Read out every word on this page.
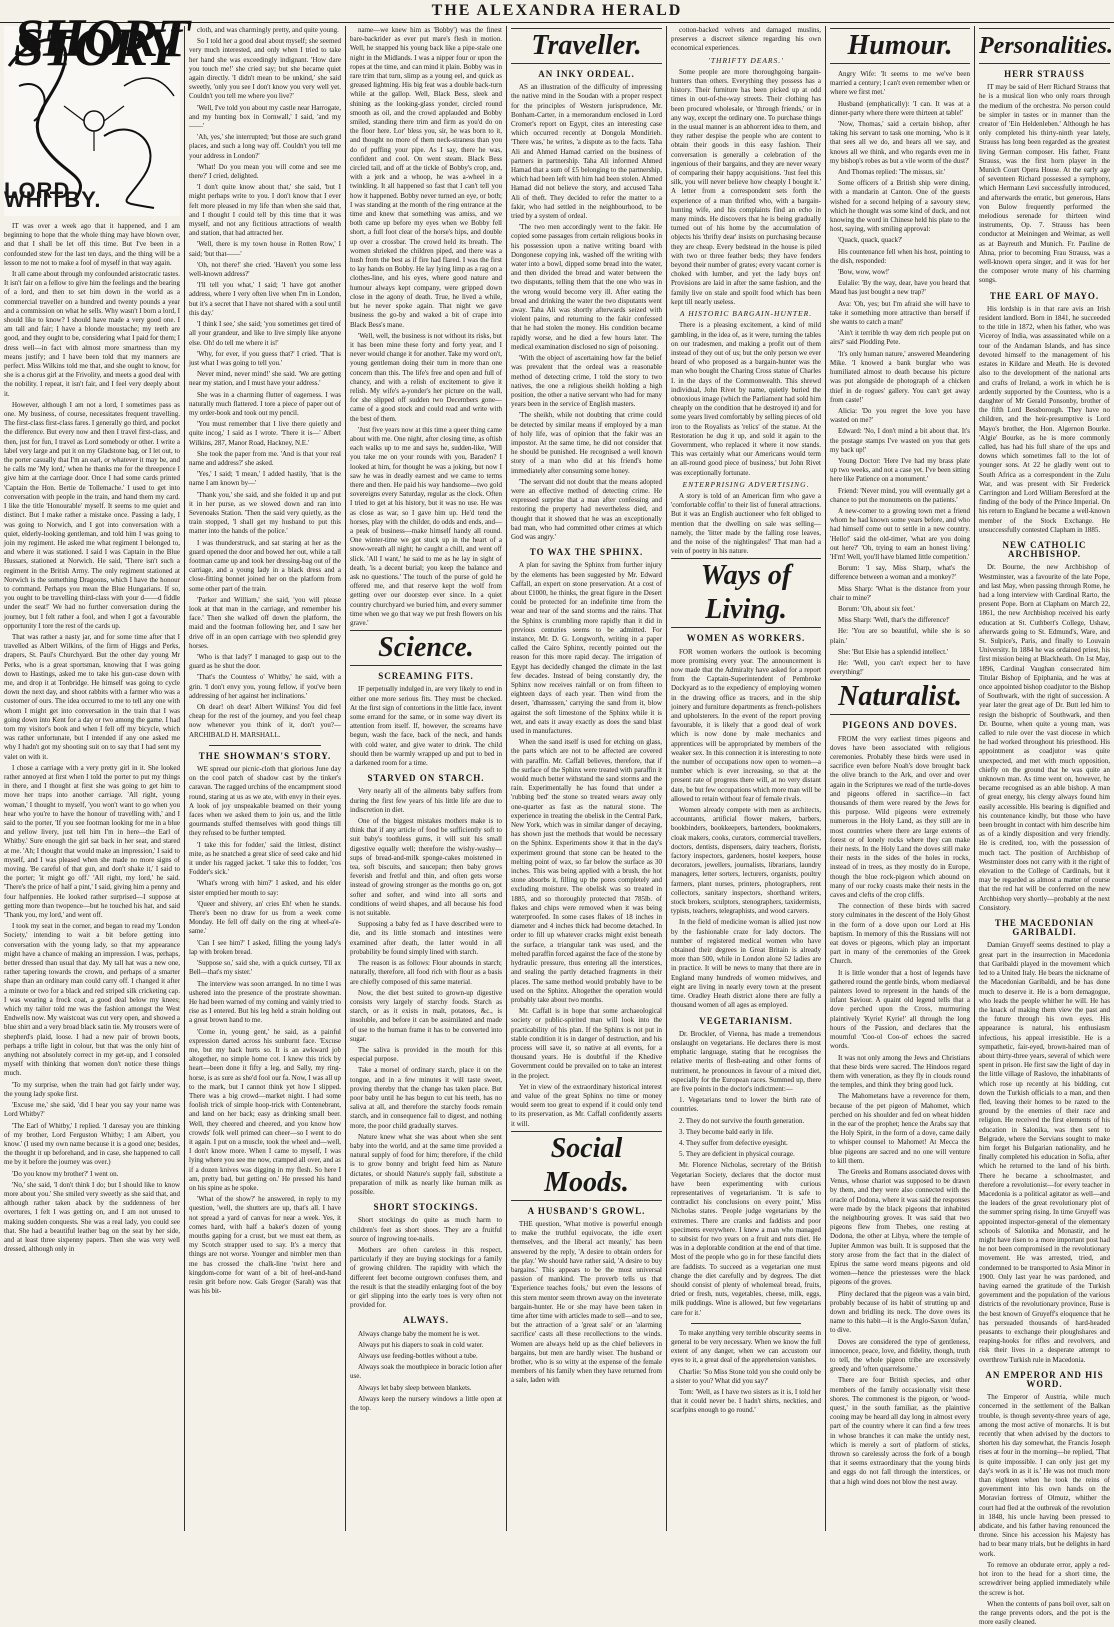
THE ALEXANDRA HERALD
SHORT STORY
LORD WHITBY.

IT was over a week ago that it happened, and I am beginning to hope that the whole thing may have blown over, and that I shall be let off this time. But I've been in a confounded stew for the last ten days, and the thing will be a lesson to me not to make a fool of myself in that way again.

It all came about through my confounded aristocratic tastes. It isn't fair on a fellow to give him the feelings and the bearing of a lord, and then to set him down in the world as a commercial traveller on a hundred and twenty pounds a year and a commission on what he sells. Why wasn't I born a lord, I should like to know? I should have made a very good one. I am tall and fair; I have a blonde moustache; my teeth are good, and they ought to be, considering what I paid for them; I dress well—in fact with almost more smartness than my means justify; and I have been told that my manners are perfect. Miss Wilkins told me that, and she ought to know, for she is a chorus girl at the Frivolity, and meets a good deal with the nobility. I repeat, it isn't fair, and I feel very deeply about it.

However, although I am not a lord, I sometimes pass as one. My business, of course, necessitates frequent travelling. The first-class first-class fares. I generally go third, and pocket the difference. But every now and then I travel first-class, and then, just for fun, I travel as Lord somebody or other. I write a label very large and put it on my Gladstone bag, or I let out, to the porter casually that I'm an earl, or whatever it may be, and he calls me 'My lord,' when he thanks me for the threepence I give him at the carriage door. Once I had some cards printed 'Captain the Hon. Bertie de Tollemache.' I used to get into conversation with people in the train, and hand them my card. I like the title 'Honourable' myself. It seems to me quiet and distinct. But I make rather a mistake once. Passing a lady, I was going to Norwich, and I got into conversation with a quiet, elderly-looking gentleman, and told him I was going to join my regiment. He asked me what regiment I belonged to, and where it was stationed. I said I was Captain in the Blue Hussars, stationed at Norwich. He said, 'There isn't such a regiment in the British Army. The only regiment stationed at Norwich is the something Dragoons, which I have the honour to command. Perhaps you mean the Blue Hungarians. If so, you ought to be travelling third-class with your d——d fiddle under the seat!' We had no further conversation during the journey, but I felt rather a fool, and when I got a favourable opportunity I tore the rest of the cards up.

That was rather a nasty jar, and for some time after that I travelled as Albert Wilkins, of the firm of Higgs and Perks, drapers, St. Paul's Churchyard. But the other day young Mr Perks, who is a great sportsman, knowing that I was going down to Hastings, asked me to take his gun-case down with me, and drop it at Tonbridge. He himself was going to cycle down the next day, and shoot rabbits with a farmer who was a customer of ours. The idea occurred to me to tell any one with whom I might get into conversation in the train that I was going down into Kent for a day or two among the game. I had torn my visitor's book and when I fell off my bicycle, which was rather unfortunate, but I intended if any one asked me why I hadn't got my shooting suit on to say that I had sent my valet on with it.

I chose a carriage with a very pretty girl in it. She looked rather annoyed at first when I told the porter to put my things in there, and I thought at first she was going to get him to move her traps into another carriage. 'All right, young woman,' I thought to myself, 'you won't want to go when you hear who you're to have the honour of travelling with,' and I said to the porter, 'If you see footman looking for me in a blue and yellow livery, just tell him I'm in here—the Earl of Whitby.' Sure enough the girl sat back in her seat, and stared at me. 'Ah; I thought that would make an impression,' I said to myself, and I was pleased when she made no more signs of moving. 'Be careful of that gun, and don't shake it,' I said to the porter; 'it might go off.' 'All right, my lord,' he said. 'There's the price of half a pint,' I said, giving him a penny and four halfpennies. He looked rather surprised—I suppose at getting more than twopence—but he touched his hat, and said 'Thank you, my lord,' and went off.

I took my seat in the corner, and began to read my 'London Society,' intending to wait a bit before getting into conversation with the young lady, so that my appearance might have a chance of making an impression. I was, perhaps, better dressed than usual that day. My tall hat was a new one, rather tapering towards the crown, and perhaps of a smarter shape than an ordinary man could carry off. I changed it after a minute or two for a black and red striped silk cricketing cap. I was wearing a frock coat, a good deal below my knees; which my tailor told me was the fashion amongst the West Endwells now. My waistcoat was cut very open, and showed a blue shirt and a very broad black satin tie. My trousers were of shepherd's plaid, loose. I had a new pair of brown boots, perhaps a trifle light in colour, but that was the only hint of anything not absolutely correct in my get-up, and I consoled myself with thinking that women don't notice these things much.

'To my surprise, when the train had got fairly under way, the young lady spoke first.

'Excuse me,' she said, 'did I hear you say your name was Lord Whitby?'

'The Earl of Whitby,' I replied. 'I daresay you are thinking of my brother, Lord Ferguston Whitby; I am Albert, you know.' (I used my own name because it is a good one; besides, the thought it up beforehand, and in case, she happened to call me by it before the journey was over.)

'Do you know my brother?' I went on.

'No,' she said, 'I don't think I do; but I should like to know more about you.' She smiled very sweetly as she said that, and although rather taken aback by the suddenness of her overtures, I felt I was getting on, and I am not unused to making sudden conquests. She was a real lady, you could see that. She had a beautiful leather bag on the seat by her side, and at least three sixpenny papers. Then she was very well dressed, although only in

cloth, and was charmingly pretty, and quite young.

So I told her a good deal about myself; she seemed very much interested, and only when I tried to take her hand she was exceedingly indignant. 'How dare you touch me!' she cried say; but she became quiet again directly. 'I didn't mean to be unkind,' she said sweetly, 'only you see I don't know you very well yet. Couldn't you tell me where you live?'

'Well, I've told you about my castle near Harrogate, and my hunting box in Cornwall,' I said, 'and my——'

'Ah, yes,' she interrupted; 'but those are such grand places, and such a long way off. Couldn't you tell me your address in London?'

'What! Do you mean you will come and see me there?' I cried, delighted.

'I don't quite know about that,' she said, 'but I might perhaps write to you. I don't know that I ever felt more pleased in my life than when she said that, and I thought I could tell by this time that it was myself, and not any fictitious attractions of wealth and station, that had attracted her.

'Well, there is my town house in Rotten Row,' I said; 'but that——'

'Oh, not there!' she cried. 'Haven't you some less well-known address?'

'I'll tell you what,' I said; 'I have got another address, where I very often live when I'm in London, but it's a secret that I have not shared with a soul until this day.'

'I think I see,' she said; 'you sometimes get tired of all your grandeur, and like to live simply like anyone else. Oh! do tell me where it is!'

'Why, for ever, if you guess that?' I cried. 'That is just what I was going to tell you.'

Never mind, never mind!' she said. 'We are getting near my station, and I must have your address.'

She was in a charming flutter of eagerness. I was naturally much flattered. I tore a piece of paper out of my order-book and took out my pencil.

'You must remember that I live there quietly and quite incog,' I said as I wrote. 'There it is—' Albert Wilkins, 287, Manor Road, Hackney, N.E.'

She took the paper from me. 'And is that your real name and address?' she asked.

'Yes,' I said; 'I mean,' I added hastily, 'that is the name I am known by—'

'Thank you,' she said, and she folded it up and put it in her purse, as we slowed down and ran into Sevenoaks Station. 'Then the said very quietly, as the train stopped, 'I shall get my husband to put this matter into the hands of the police.'

I was thunderstruck, and sat staring at her as the guard opened the door and bowed her out, while a tall footman came up and took her dressing-bag out of the carriage, and a young lady in a black dress and a close-fitting bonnet joined her on the platform from some other part of the train.

'Parker and William,' she said, 'you will please look at that man in the carriage, and remember his face.' Then she walked off down the platform, the maid and the footman following her, and I saw her drive off in an open carriage with two splendid grey horses.

'Who is that lady?' I managed to gasp out to the guard as he shut the door.

'That's the Countess o' Whitby,' he said, with a grin. 'I don't envy you, young fellow, if you've been addressing of her against her inclinations.'

Oh dear! oh dear! Albert Wilkins! You did feel cheap for the rest of the journey, and you feel cheap now whenever you think of it, don't you?—ARCHIBALD H. MARSHALL.

THE SHOWMAN'S STORY.

WE spread our picnic-cloth that glorious June day on the cool patch of shadow cast by the tinker's caravan. The ragged urchins of the encampment stood round, staring at us as we ate, with envy in their eyes. A look of joy unspeakable beamed on their young faces when we asked them to join us, and the little gourmands stuffed themselves with good things till they refused to be further tempted.

'I take this for fodder,' said the littlest, distinct mite, as he snatched a great slice of seed cake and hid it under his ragged jacket. 'I take this to fodder, 'cos Fodder's sick.'

'What's wrong with him?' I asked, and his elder sister emptied her mouth to say:

'Queer and shivery, an' cries Eh! when he stands. There's been no draw for us from a week come Monday. He fell off daily on the ring at wheel-a'e-same.'

'Can I see him?' I asked, filling the young lady's lap with broken bread.

'Suppose so,' said she, with a quick curtsey, 'I'll ax Bell—that's my sister.'

The interview was soon arranged. In no time I was ushered into the presence of the prostrate showman. He had been warned of my coming and vainly tried to rise as I entered. But his leg held a strain holding out a great brown hand to me.

'Come in, young gent,' he said, as a painful expression darted across his sunburnt face. 'Excuse me, but my back hurts so. It is an awkward job altogether, no simple home cot. I knew this trick by heart—been done it fifty a leg, and Sally, my ring-horse, is as sure as she'd fool our fa. Now, I was all up to the mark, but I cannot think yet how I slipped. There was a big crowd—market night. I had some foolish trick of simple hoop-trick with Contenebrant, and land on her back; easy as drinking small beer. Well, they cheered and cheered, and you know how crowds' folk well primed can cheer—so I went to do it again. I put on a muscle, took the wheel and—well, I don't know more. When I came to myself, I was lying where you see me now, cramped all over, and as if a dozen knives was digging in my flesh. So here I am, pretty bad, but getting on.' He pressed his hand on his spine as he spoke.

'What of the show?' he answered, in reply to my question, 'well, the shutters are up, that's all. I have not spread a yard of canvas for near a week. Yes, it comes hard, with half a baker's dozen of young mouths gaping for a crust, but we must eat them, as my Scotch strapper used to say. It's a mercy that things are not worse. Younger and nimbler men than me has crossed the chalk-line 'twixt here and kingdom-come for want of a bit of heel-and-hand resin grit before now. Gals Gregor (Sarah) was that was his bit-

name—we knew him as 'Bobby') was the finest bare-backrider as ever put mare's flesh in motion. Well, he snapped his young back like a pipe-stale one night in the Midlands. I was a nipper four or upon the ropes at the time, and can mind it plain. Bobby was in rare trim that turn, slimp as a young eel, and quick as greased lightning. His big feat was a double back-turn while at the gallop. Well, Black Bess, sleek and shining as the looking-glass yonder, circled round smooth as oil, and the crowd applauded and Bobby smiled, standing there trim and firm as you'd do on the floor here. Lor' bless you, sir, he was born to it, and thought no more of them neck-straness than you do of puffing your pipe. As I say, there he was, confident and cool. On went steam. Black Bess circled tail, and off at the tickle of Bobby's crop, and, with a jerk and a whoop, he was a-wheel in a twinkling. It all happened so fast that I can't tell you how it happened. Bobby never turned an eye, or both; I was standing at the month of the ring entrance at the time and knew that something was amiss, and we both came up before my eyes when we Bobby fell short, a full foot clear of the horse's hips, and double up over a crossbar. The crowd held its breath. The women shrieked the children piped, and there was a hush from the best as if fire had flared. I was the first to lay hands on Bobby. He lay lying limp as a rag on a clothes-line, and his eyes, where good nature and humour always kept company, were gripped down close in the agony of death. True, he lived a while, but he never spoke again. That night we gave business the go-by and waked a bit of crape into Black Bess's mane.

'Well, well, the business is not without its risks, but it has been mine these forty and forty year, and I never would change it for another. Take my word on't, young gentleman doing their turn in more than one concern than this. The life's free and open and full of chancy, and with a relish of excitement to give it relish. My wife's a-yonder's her picture on the wall, for she slipped off sudden two Decembers gone—came of a good stock and could read and write with the best of them.

'Just five years now at this time a queer thing came about with me. One night, after closing time, as oftish each walks up to me and says he, sudden-like, 'Will you take me on your rounds with you, Baraden? I looked at him, for thought he was a joking, but now I saw he was in deadly earnest and we came to terms there and then. He paid his way handsome—two gold sovereigns every Saturday, regular as the clock. Often I tried to get at his history, but it was no use. He was as close as war, so I gave him up. He'd tend the horses, play with the childer, do odds and ends, and—a peak of business—make himself handy all round. One winter-time we got stuck up in the heart of a snow-wreath all night; he caught a chill, and went off slick. 'All I want,' he said to me as he lay in sight of death, 'is a decent burial; you keep the balance and ask no questions.' The touch of the purse of gold he offered me, and that reserve kept the wolf from getting over our doorstep ever since. In a quiet country churchyard we buried him, and every summer time when we go that way we put fresh flowers on his grave.'

Science.
SCREAMING FITS.

IF perpetually indulged in, are very likely to end in either one more serious fits. They must be checked. At the first sign of contortions in the little face, invent some errand for the same, or in some way divert its attention from itself. If, however, the screams have begun, wash the face, back of the neck, and hands with cold water, and give water to drink. The child should then be warmly wrapped up and put to bed in a darkened room for a time.

STARVED ON STARCH.

Very nearly all of the ailments baby suffers from during the first few years of his little life are due to indiscretion in diet.

One of the biggest mistakes mothers make is to think that if any article of food be sufficiently soft to suit baby's toothless gums, it will suit his small digestive equally well; therefore the wishy-washy—sups of bread-and-milk sponge-cakes moistened in tea, soft biscuits, and saucepan; then baby grows feverish and fretful and thin, and often gets worse instead of growing stronger as the months go on, got softer and softer, and wind into all sorts and conditions of weird shapes, and all because his food is not suitable.

Supposing a baby fed as I have described were to die, and its little stomach and intestines were examined after death, the latter would in all probability be found simply lined with starch.

The reason is as follows: Flour abounds in starch; naturally, therefore, all food rich with flour as a basis are chiefly composed of this same material.

Now, the diet best suited to grown-up digestive consists very largely of starchy foods. Starch as starch, or as it exists in malt, potatoes, &c., is insoluble, and before it can be assimilated and made of use to the human frame it has to be converted into sugar.

The saliva is provided in the mouth for this especial purpose.

Take a morsel of ordinary starch, place it on the tongue, and in a few minutes it will taste sweet, proving thereby that the change has taken place. But poor baby until he has begun to cut his teeth, has no saliva at all, and therefore the starchy foods remain starch, and in consequence fail to digest, and nothing more, the poor child gradually starves.

Nature knew what she was about when she sent baby into the world, and at the same time provided a natural supply of food for him; therefore, if the child is to grow bonny and bright feed him as Nature dictates, or should Nature's supply fail, substitute a preparation of milk as nearly like human milk as possible.

SHORT STOCKINGS.

Short stockings do quite as much harm to children's feet as short shoes. They are a fruitful source of ingrowing toe-nails.

Mothers are often careless in this respect, particularly if they are buying stockings for a family of growing children. The rapidity with which the different feet become outgrown confuses them, and the result is that the steadily enlarging foot of the boy or girl slipping into the early toes is very often not provided for.

ALWAYS.

Always change baby the moment he is wet.

Always put his diapers to soak in cold water.

Always use feeding-bottles without a tube.

Always soak the mouthpiece in boracic lotion after use.

Always let baby sleep between blankets.

Always keep the nursery windows a little open at the top.

Traveller.
AN INKY ORDEAL.

AS an illustration of the difficulty of impressing the native mind in the Soudan with a proper respect for the principles of Western jurisprudence, Mr. Bonham-Carter, in a memorandum enclosed in Lord Cromer's report on Egypt, cites an interesting case which occurred recently at Dongola Mondirieh. 'There was,' he writes, 'a dispute as to the facts. Taha Ali and Ahmed Hamad carried on the business of partners in partnership. Taha Ali informed Ahmed Hamad that a sum of £5 belonging to the partnership, which had been left with him had been stolen. Ahmed Hamad did not believe the story, and accused Taha Ali of theft. They decided to refer the matter to a fakir, who had settled in the neighbourhood, to be tried by a system of ordeal.

'The two men accordingly went to the fakir. He copied some passages from certain religious books in his possession upon a native writing board with Dongonese copying ink, washed off the writing with water into a bowl, dipped some bread into the water, and then divided the bread and water between the two disputants, telling them that the one who was in the wrong would become very ill. After eating the bread and drinking the water the two disputants went away. Taha Ali was shortly afterwards seized with violent pains, and returning to the fakir confessed that he had stolen the money. His condition became rapidly worse, and he died a few hours later. The medical examination disclosed no sign of poisoning.

'With the object of ascertaining how far the belief was prevalent that the ordeal was a reasonable method of detecting crime, I told the story to two natives, the one a religious sheikh holding a high position, the other a native servant who had for many years been in the service of English masters.

'The sheikh, while not doubting that crime could be detected by similar means if employed by a man of holy life, was of opinion that the fakir was an impostor. At the same time, he did not consider that he should be punished. He recognised a well known story of a man who did at his friend's home immediately after consuming some honey.

'The servant did not doubt that the means adopted were an effective method of detecting crime. He expressed surprise that a man after confessing and restoring the property had nevertheless died, and thought that it showed that he was an exceptionally bad man, who had committed other crimes at which God was angry.'

TO WAX THE SPHINX.

A plan for saving the Sphinx from further injury by the elements has been suggested by Mr. Edward Caffall, an expert on stone preservation. At a cost of about £1000, he thinks, the great figure in the Desert could be protected for an indefinite time from the wear and tear of the sand storms and the rains. That the Sphinx is crumbling more rapidly than it did in previous centuries seems to be admitted. For instance, Mr. D. G. Longworth, writing in a paper called the Cairo Sphinx, recently pointed out the reason for this more rapid decay. The irrigation of Egypt has decidedly changed the climate in the last few decades. Instead of being constantly dry, the Sphinx now receives rainfall or on from fifteen to eighteen days of each year. Then wind from the desert, 'dhamsssen,' carrying the sand from it, blow against the soft limestone of the Sphinx while it is wet, and eats it away exactly as does the sand blast used in manufactures.

When the sand itself is used for etching on glass, the parts which are not to be affected are covered with paraffin. Mr. Caffall believes, therefore, that if the surface of the Sphinx were treated with paraffin it would much better withstand the sand storms and the rain. Experimentally he has found that under a 'rubbing bed' the stone so treated wears away only one-quarter as fast as the natural stone. The experience in treating the obelisk in the Central Park, New York, which was in similar danger of decaying, has shown just the methods that would be necessary on the Sphinx. Experiments show it that in the day's experiment ground that stone can be heated to the melting point of wax, so far below the surface as 30 inches. This was being applied with a brush, the hot stone absorbs it, filling up the pores completely and excluding moisture. The obelisk was so treated in 1885, and so thoroughly protected that 785lb. of flakes and chips were removed when it was being waterproofed. In some cases flakes of 18 inches in diameter and 4 inches thick had become detached. In order to fill up whatever cracks might exist beneath the surface, a triangular tank was used, and the melted paraffin forced against the face of the stone by hydraulic pressure, thus entering all the interstices, and sealing the partly detached fragments in their places. The same method would probably have to be used on the Sphinx. Altogether the operation would probably take about two months.

Mr. Caffall is in hope that some archaeological society or public-spirited man will look into the practicability of his plan. If the Sphinx is not put in stable condition it is in danger of destruction, and his process will save it, so native at all events, for a thousand years. He is doubtful if the Khedive Government could be prevailed on to take an interest in the project.

Yet in view of the extraordinary historical interest and value of the great Sphinx no time or money would seem too great to expend if it could only tend to its preservation, as Mr. Caffall confidently asserts it will.

Social Moods.
A HUSBAND'S GROWL.

THE question, 'What motive is powerful enough to make the truthful equivocate, the idle exert themselves, and the liberal act meanly,' has been answered by the reply, 'A desire to obtain orders for the play.' We should have rather said, 'A desire to buy bargains.' This appears to be the most universal passion of mankind. The proverb tells us that 'Experience teaches fools,' but even the lessons of this stern mentor seem thrown away on the inveterate bargain-hunter. He or she may have been taken in time after time with articles made to sell—and to see, but the attraction of a 'great sale' or an 'alarming sacrifice' casts all these recollections to the winds. Women are always held up as the chief believers in bargains, but men are hardly wiser. The husband or brother, who is so witty at the expense of the female members of his family when they have returned from a sale, laden with

cotton-backed velvets and damaged muslins, preserves a discreet silence regarding his own economical experiences.

'THRIFTY DEARS.'

Some people are more thoroughgoing bargain-hunters than others. Everything they possess has a history. Their furniture has been picked up at odd times in out-of-the-way streets. Their clothing has been procured wholesale, or 'through friends,' or in any way, except the ordinary one. To purchase things in the usual manner is an abhorrent idea to them, and they rather despise the people who are content to obtain their goods in this easy fashion. Their conversation is generally a celebration of the ingenious of their bargains, and they are never weary of comparing their happy acquisitions. 'Just feel this silk, you will never believe how cheaply I bought it.' A letter from a correspondent sets forth the experience of a man thrifted who, with a bargain-hunting wife, and his complaints find an echo in many minds. He discovers that he is being gradually turned out of his home by the accumulation of objects his 'thrifty dear' insists on purchasing because they are cheap. Every bedstead in the house is piled with two or three feather beds; they have fenders beyond their number of grates; every vacant corner is choked with lumber, and yet the lady buys on! Provisions are laid in after the same fashion, and the family live on stale and spoilt food which has been kept till nearly useless.

A HISTORIC BARGAIN-HUNTER.

There is a pleasing excitement, a kind of mild gambling, in the idea of, as it were, turning the tables on our tradesmen, and making a profit out of them instead of they out of us; but the only person we ever heard of who proposed as a bargain-hunter was the man who bought the Charing Cross statue of Charles I. in the days of the Commonwealth. This shrewd individual, John Rivet by name, quietly buried the obnoxious image (which the Parliament had sold him cheaply on the condition that he destroyed it) and for some years lived comfortably by selling pieces of old iron to the Royalists as 'relics' of the statue. At the Restoration he dug it up, and sold it again to the Government, who replaced it where it now stands. This was certainly what our Americans would term an all-round good piece of business,' but John Rivet was exceptionally fortunate.

ENTERPRISING ADVERTISING.

A story is told of an American firm who gave a 'comfortable coffin' to their list of funeral attractions. But it was an English auctioneer who felt obliged to mention that the dwelling on sale was selling—namely, the 'litter made by the falling rose leaves, and the noise of the nightingales!' That man had a vein of poetry in his nature.

Ways of Living.
WOMEN AS WORKERS.

FOR women workers the outlook is becoming more promising every year. The announcement is now made that the Admiralty have asked for a report from the Captain-Superintendent of Pembroke Dockyard as to the expediency of employing women in the drawing office as tracers, and in the ship joinery and furniture departments as french-polishers and upholsterers. In the event of the report proving favourable, it is likely that a good deal of work which is now done by male mechanics and apprentices will be appropriated by members of the weaker sex. In this connection it is interesting to note the number of occupations now open to women—a number which is ever increasing, so that at the present rate of progress there will, at no very distant date, be but few occupations which more man will be allowed to retain without fear of female rivals.

Women already compete with men as architects, accountants, artificial flower makers, barbers, bookbinders, bookkeepers, bartenders, bookmakers, cloak makers, cooks, curators, commercial travellers, doctors, dentists, dispensers, dairy teachers, florists, factory inspectors, gardeners, hostel keepers, house decorators, jewellers, journalists, librarians, laundry managers, letter sorters, lecturers, organists, poultry farmers, plant nurses, printers, photographers, rent collectors, sanitary inspectors, shorthand writers, stock brokers, sculptors, stenographers, taxidermists, typists, teachers, telegraphists, and wood carvers.

In the field of medicine woman is allied just now by the fashionable craze for lady doctors. The number of registered medical women who have obtained their degrees in Great Britain is already more than 500, while in London alone 52 ladies are in practice. It will be news to many that there are in England many hundreds of women midwives, and eight are living in nearly every town at the present time. Oradley Heath district alone there are fully a thousand women of all ages as employed.

VEGETARIANISM.

Dr. Brockler, of Vienna, has made a tremendous onslaught on vegetarians. He declares there is most emphatic language, stating that he recognises the relative merits of flesh-eating and other forms of nutriment, he pronounces in favour of a mixed diet, especially for the European races. Summed up, there are five points in the doctor's indictment:—

1. Vegetarians tend to lower the birth rate of countries.

2. They do not survive the fourth generation.

3. They become bald early in life.

4. They suffer from defective eyesight.

5. They are deficient in physical courage.

Mr. Florence Nicholas, secretary of the British Vegetarian Society, declares that the doctor must have been experimenting with curious representatives of vegetarianism. 'It is safe to contradict his conclusions on every point,' Miss Nicholas states. 'People judge vegetarians by the extremes. There are cranks and faddists and poor specimens everywhere. I knew a man who managed to subsist for two years on a fruit and nuts diet. He was in a deplorable condition at the end of that time. Most of the people who go in for these fanciful diets are faddists. To succeed as a vegetarian one must change the diet carefully and by degrees. The diet should consist of plenty of wholemeal bread, fruits, dried or fresh, nuts, vegetables, cheese, milk, eggs, milk puddings. Wine is allowed, but few vegetarians care for it.'

To make anything very terrible obscurity seems in general to be very necessary. When we know the full extent of any danger, when we can accustom our eyes to it, a great deal of the apprehension vanishes.

Charlie: 'So Miss Stone told you she could only be a sister to you? What did you say?'

Tom: 'Well, as I have two sisters as it is, I told her that it could never be. I hadn't shirts, neckties, and scarfpins enough to go round.'

Humour.

Angry Wife: 'It seems to me we've been married a century; I can't even remember when or where we first met.'

Husband (emphatically): 'I can. It was at a dinner-party where there were thirteen at table!'

'Now, Thomas,' said a certain bishop, after taking his servant to task one morning, 'who is it that sees all we do, and hears all we say, and knows all we think, and who regards even me in my bishop's robes as but a vile worm of the dust?'

And Thomas replied: 'The missus, sir.'

Some officers of a British ship were dining, with a mandarin at Canton. One of the guests wished for a second helping of a savoury stew, which he thought was some kind of duck, and not knowing the word in Chinese held his plate to the host, saying, with smiling approval:

'Quack, quack, quack?'

His countenance fell when his host, pointing to the dish, responded:

'Bow, wow, wow!'

Eulalie: 'By the way, dear, have you heard that Maud has just bought a new trap?'

Ava: 'Oh, yes; but I'm afraid she will have to take it something more attractive than herself if she wants to catch a man!'

'Ain't it terrible th way dem rich people put on airs?' said Plodding Pete.

'It's only human nature,' answered Meandering Mike. 'I knowed a bank burglar who was humiliated almost to death because his picture was put alongside de photograph of a chicken thief in de rogues' gallery. You can't get away from caste!'

Alicia: 'Do you regret the love you have wasted on me?'

Edward: 'No, I don't mind a bit about that. It's the postage stamps I've wasted on you that gets my back up!'

Young Doctor: 'Here I've had my brass plate up two weeks, and not a case yet. I've been sitting here like Patience on a monument.'

Friend: 'Never mind, you will eventually get a chance to put the monuments on the patients.'

A new-comer to a growing town met a friend whom he had known some years before, and who had himself come out to settle in a new country. 'Hello!' said the old-timer, 'what are you doing out here?' 'Oh, trying to earn an honest living.' 'H'm! Well, you'll have blamed little competition.'

Borum: 'I say, Miss Sharp, what's the difference between a woman and a monkey?'

Miss Sharp: 'What is the distance from your chair to mine?'

Borum: 'Oh, about six feet.'

Miss Sharp: 'Well, that's the difference!'

He: 'You are so beautiful, while she is so plain.'

She: 'But Elsie has a splendid intellect.'

He: 'Well, you can't expect her to have everything!'

Naturalist.
PIGEONS AND DOVES.

FROM the very earliest times pigeons and doves have been associated with religious ceremonies. Probably these birds were used in sacrifice even before Noah's dove brought back the olive branch to the Ark, and over and over again in the Scriptures we read of the turtle-doves and pigeons offered in sacrifice—in fact thousands of them were reared by the Jews for this purpose. Wild pigeons were extremely numerous in the Holy Land, as they still are in most countries where there are large extents of forest or of lonely rocks where they can make their nests. In the Holy Land the doves still make their nests in the sides of the holes in rocks, instead of in trees, as they mostly do in Europe, though the blue rock-pigeon which abound on many of our rocky coasts make their nests in the caves and clefts of the crop cliffs.

The connection of these birds with sacred story culminates in the descent of the Holy Ghost in the form of a dove upon our Lord at His baptism. In memory of this the Russians will not eat doves or pigeons, which play an important part in many of the ceremonies of the Greek Church.

It is little wonder that a host of legends have gathered round the gentle birds, whom mediaeval painters loved to represent in the hands of the infant Saviour. A quaint old legend tells that a dove perched upon the Cross, murmuring plaintively 'Kyrie! Kyrie!' all through the long hours of the Passion, and declares that the mournful 'Coo-ol Coo-ol' echoes the sacred words.

It was not only among the Jews and Christians that these birds were sacred. The Hindoos regard them with veneration, as they fly in clouds round the temples, and think they bring good luck.

The Mahometans have a reverence for them, because of the pet pigeon of Mahomet, which perched on his shoulder and fed on wheat hidden in the ear of the prophet; hence the Arabs say that the Holy Spirit, in the form of a dove, came daily to whisper counsel to Mahomet! At Mecca the blue pigeons are sacred and no one will venture to kill them.

The Greeks and Romans associated doves with Venus, whose chariot was supposed to be drawn by them, and they were also connected with the oracle of Dodona, where it was said the responses were made by the black pigeons that inhabited the neighbouring groves. It was said that two pigeons flew from Thebes, one resting at Dodona, the other at Libya, where the temple of Jupiter Ammon was built. It is supposed that the story arose from the fact that in the dialect of Epirus the same word means pigeons and old women—hence the priestesses were the black pigeons of the groves.

Pliny declared that the pigeon was a vain bird, probably because of its habit of strutting up and down and bridling its neck. The dove owes its name to this habit—it is the Anglo-Saxon 'dufan,' to dive.

Doves are considered the type of gentleness, innocence, peace, love, and fidelity, though, truth to tell, the whole pigeon tribe are excessively greedy and 'often quarrelsome.'

There are four British species, and other members of the family occasionally visit these shores. The commonest is the pigeon, or 'wood-quest,' in the south familiar, as the plaintive cooing may be heard all day long in almost every part of the country where it can find a few trees in whose branches it can make the untidy nest, which is merely a sort of platform of sticks, thrown so carelessly across the fork of a bough that it seems extraordinary that the young birds and eggs do not fall through the interstices, or that a high wind does not blow the nest away.

Personalities.
HERR STRAUSS

IT may be said of Herr Richard Strauss that he is a musical lion who only roars through the medium of the orchestra. No person could be simpler in tastes or in manner than the creator of 'Ein Heldenleben.' Although he has only completed his thirty-ninth year lately, Strauss has long been regarded as the greatest living German composer. His father, Franz Strauss, was the first horn player in the Munich Court Opera House. At the early age of seventeen Richard possessed a symphony, which Hermann Levi successfully introduced, and afterwards the erratic, but generous, Hans von Bulow frequently performed the melodious serenade for thirteen wind instruments, Op. 7. Strauss has been conductor at Meiningen and Weimar, as well as at Bayreuth and Munich. Fr. Pauline de Ahna, prior to becoming Frau Strauss, was a well-known opera singer, and it was for her the composer wrote many of his charming songs.

THE EARL OF MAYO.

His lordship is in that rare avis an Irish resident landlord. Born in 1841, he succeeded to the title in 1872, when his father, who was Viceroy of India, was assassinated while on a tour of the Andaman Islands, and has since devoted himself to the management of his estates in Kildare and Meath. He is devoted also to the development of the national arts and crafts of Ireland, a work in which he is ardently supported by the Countess, who is a daughter of Mr Gerald Ponsonby, brother of the fifth Lord Bessborough. They have no children, and the heir-presumptive is Lord Mayo's brother, the Hon. Algernon Bourke. 'Algie' Bourke, as he is more commonly called, has had his full share of the ups and downs which sometimes fall to the lot of younger sons. At 22 he gladly went out to South Africa as a correspondent in the Zulu War, and was present with Sir Frederick Carrington and Lord William Beresford at the finding of the body of the Prince Imperial. On his return to England he became a well-known member of the Stock Exchange. He unsuccessfully contested Clapham in 1885.

NEW CATHOLIC ARCHBISHOP.

Dr. Bourne, the new Archbishop of Westminster, was a favourite of the late Pope, and last May, when passing through Rome, he had a long interview with Cardinal Rarto, the present Pope. Born at Clapham on March 22, 1861, the new Archbishop received his early education at St. Cuthbert's College, Ushaw, afterwards going to St. Edmund's, Ware, and St. Sulpice's, Paris, and finally to Louvain University. In 1884 he was ordained priest, his first mission being at Blackheath. On 1st May, 1896, Cardinal Vaughan consecrated him Titular Bishop of Epiphania, and he was at once appointed bishop coadjutor to the Bishop of Southwark, with the right of succession. A year later the great age of Dr. Butt led him to resign the bishopric of Southwark, and then Dr. Bourne, when quite a young man, was called to rule over the vast diocese in which he had worked throughout his priesthood. His appointment as coadjutor was quite unexpected, and met with much opposition, chiefly on the ground that he was quite an unknown man. As time went on, however, he became recognised as an able bishop. A man of great energy, his clergy always found him easily accessible. His bearing is dignified and his countenance kindly, but those who have been brought in contact with him describe him as of a kindly disposition and very friendly. He is credited, too, with the possession of much tact. The position of Archbishop of Westminster does not carry with it the right of elevation to the College of Cardinals, but it may be regarded as almost a matter of course that the red hat will be conferred on the new Archbishop very shortly—probably at the next Consistory.

THE MACEDONIAN GARIBALDI.

Damian Gruyeff seems destined to play a great part in the insurrection in Macedonia that Garibaldi played in the movement which led to a United Italy. He bears the nickname of the Macedonian Garibaldi, and he has done much to deserve it. He is a born demagogue, who leads the people whither he will. He has the knack of making them view the past and the future through his own eyes. His appearance is natural, his enthusiasm infectious, his appeal irresistible. He is a sympathetic, fair-eyed, brown-haired man of about thirty-three years, several of which were spent in prison. He first saw the light of day in the little village of Raslovo, the inhabitants of which rose up recently at his bidding, cut down the Turkish officials to a man, and then fled, leaving their homes to be razed to the ground by the enemies of their race and religion. He received the first elements of his education in Salonika, was then sent to Belgrade, where the Servians sought to make him forget his Bulgarian nationality, and he finally completed his education in Sofia, after which he returned to the land of his birth. There he became a schoolmaster, and therefore a revolutionist—for every teacher in Macedonia is a political agitator as well—and the leaders of the great revolutionary plot of the summer spring rising. In time Gruyeff was appointed inspector-general of the elementary schools of Salonika and Monastir, and he might have risen to a more important post had he not been compromised in the revolutionary movement. He was arrested, tried, and condemned to be transported to Asia Minor in 1900. Only last year he was pardoned, and having earned the gratitude of the Turkish government and the population of the various districts of the revolutionary province, Ruse is the best known of Gruyeff's eloquence that he has persuaded thousands of hard-headed peasants to exchange their ploughshares and reaping-hooks for rifles and revolvers, and risk their lives in a desperate attempt to overthrow Turkish rule in Macedonia.

AN EMPEROR AND HIS WORD.

The Emperor of Austria, while much concerned in the settlement of the Balkan trouble, is though seventy-three years of age, among the most active of monarchs. It is but recently that when advised by the doctors to shorten his day somewhat, the Francis Joseph rises at four in the morning—he replied, 'That is quite impossible. I can only just get my day's work in as it is.' He was not much more than eighteen when he took the reins of government into his own hands on the Moravian fortress of Olmutz, whither the court had fled at the outbreak of the revolution in 1848, his uncle having been pressed to abdicate, and his father having renounced the throne. Since his accession his Majesty has had to bear many trials, but he delights in hard work.

To remove an obdurate error, apply a red-hot iron to the head for a short time, the screwdriver being applied immediately while the screw is hot.

When the contents of pans boil over, salt on the range prevents odors, and the pot is the more easily cleaned.
